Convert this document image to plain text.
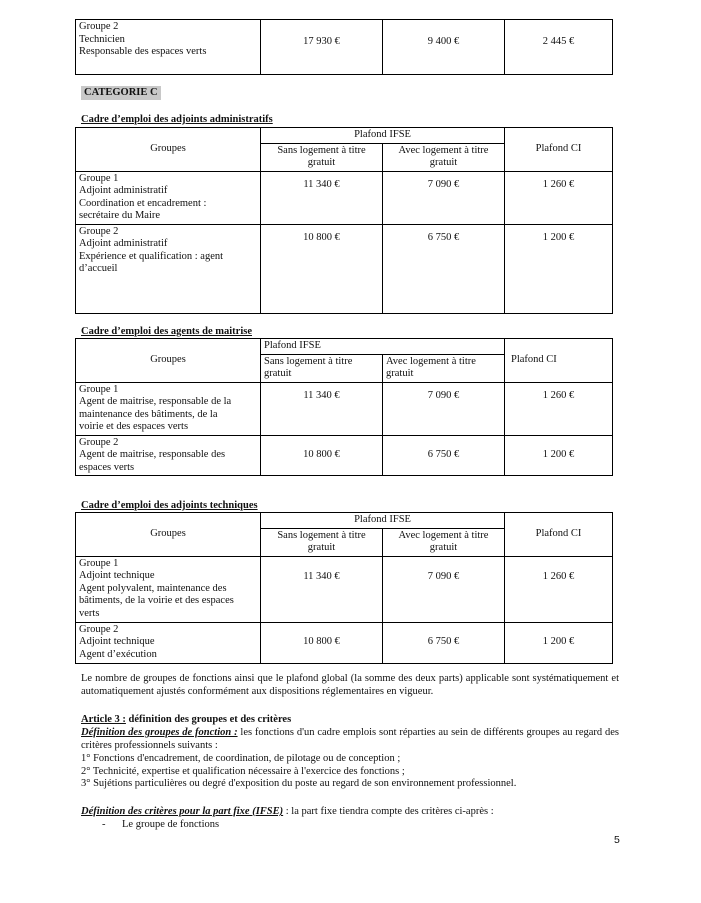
Groupe 2
Technicien
Responsable des espaces verts
	17 930 €	9 400 €	2 445 €
CATEGORIE C
Cadre d’emploi des adjoints administratifs
Groupes	Plafond IFSE		Plafond CI

	Sans logement à titre
gratuit	Avec logement à titre
gratuit	

Groupe 1
Adjoint administratif
Coordination et encadrement :
secrétaire du Maire	11 340 €	7 090 €	1 260 €

Groupe 2
Adjoint administratif
Expérience et qualification : agent
d’accueil	10 800 €	6 750 €	1 200 €
Cadre d’emploi des agents de maitrise
Groupes	Plafond IFSE		Plafond CI

	Sans logement à titre
gratuit	Avec logement à titre
gratuit	

Groupe 1
Agent de maitrise, responsable de la
maintenance des bâtiments, de la
voirie et des espaces verts	11 340 €	7 090 €	1 260 €

Groupe 2
Agent de maitrise, responsable des
espaces verts	10 800 €	6 750 €	1 200 €
Cadre d’emploi des adjoints techniques
Groupes	Plafond IFSE		Plafond CI

	Sans logement à titre
gratuit	Avec logement à titre
gratuit	

Groupe 1
Adjoint technique
Agent polyvalent, maintenance des
bâtiments, de la voirie et des espaces
verts	11 340 €	7 090 €	1 260 €

Groupe 2
Adjoint technique
Agent d’exécution	10 800 €	6 750 €	1 200 €
Le nombre de groupes de fonctions ainsi que le plafond global (la somme des deux parts) applicable sont systématiquement et automatiquement ajustés conformément aux dispositions réglementaires en vigueur.
Article 3 : définition des groupes et des critères
Définition des groupes de fonction : les fonctions d'un cadre emplois sont réparties au sein de différents groupes au regard des critères professionnels suivants :
1° Fonctions d'encadrement, de coordination, de pilotage ou de conception ;
2° Technicité, expertise et qualification nécessaire à l'exercice des fonctions ;
3° Sujétions particulières ou degré d'exposition du poste au regard de son environnement professionnel.
Définition des critères pour la part fixe (IFSE) : la part fixe tiendra compte des critères ci-après :
- Le groupe de fonctions
5
